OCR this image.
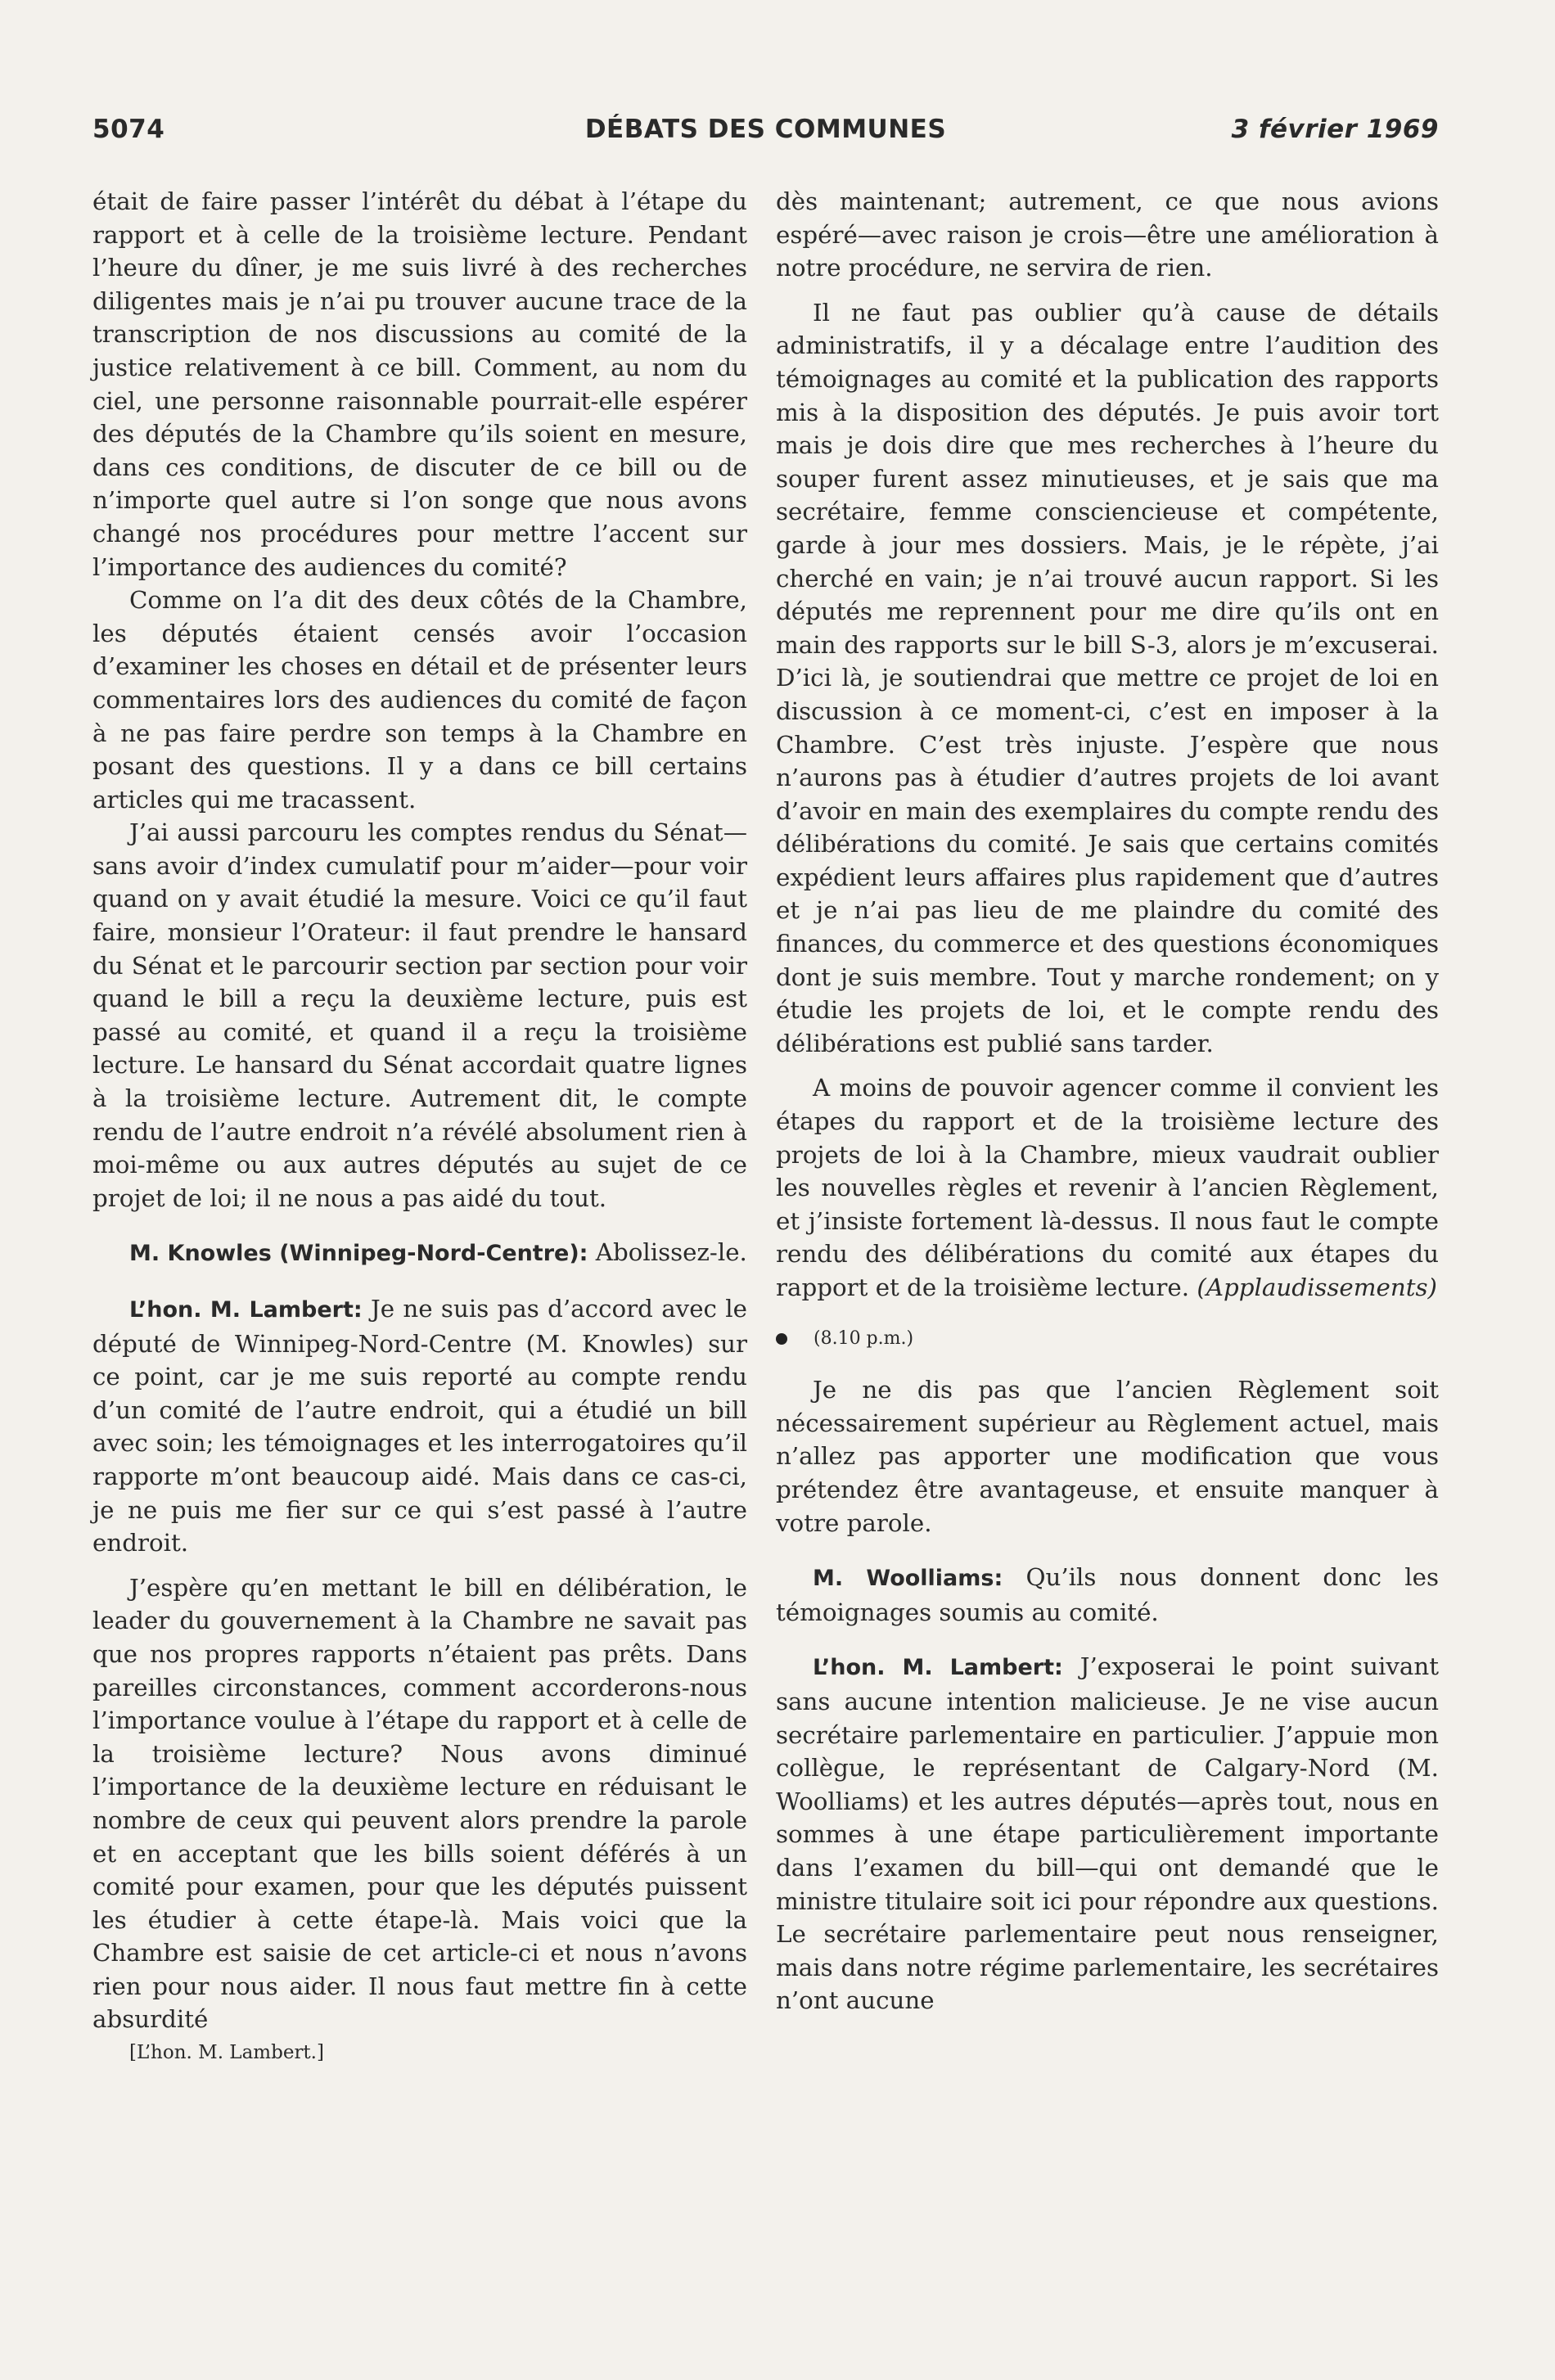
5074	DÉBATS DES COMMUNES	3 février 1969

était de faire passer l’intérêt du débat à l’étape du rapport et à celle de la troisième lecture. Pendant l’heure du dîner, je me suis livré à des recherches diligentes mais je n’ai pu trouver aucune trace de la transcription de nos discussions au comité de la justice relativement à ce bill. Comment, au nom du ciel, une personne raisonnable pourrait-elle espérer des députés de la Chambre qu’ils soient en mesure, dans ces conditions, de discuter de ce bill ou de n’importe quel autre si l’on songe que nous avons changé nos procédures pour mettre l’accent sur l’importance des audiences du comité?

Comme on l’a dit des deux côtés de la Chambre, les députés étaient censés avoir l’occasion d’examiner les choses en détail et de présenter leurs commentaires lors des audiences du comité de façon à ne pas faire perdre son temps à la Chambre en posant des questions. Il y a dans ce bill certains articles qui me tracassent.

J’ai aussi parcouru les comptes rendus du Sénat—sans avoir d’index cumulatif pour m’aider—pour voir quand on y avait étudié la mesure. Voici ce qu’il faut faire, monsieur l’Orateur: il faut prendre le hansard du Sénat et le parcourir section par section pour voir quand le bill a reçu la deuxième lecture, puis est passé au comité, et quand il a reçu la troisième lecture. Le hansard du Sénat accordait quatre lignes à la troisième lecture. Autrement dit, le compte rendu de l’autre endroit n’a révélé absolument rien à moi-même ou aux autres députés au sujet de ce projet de loi; il ne nous a pas aidé du tout.

M. Knowles (Winnipeg-Nord-Centre): Abolissez-le.

L’hon. M. Lambert: Je ne suis pas d’accord avec le député de Winnipeg-Nord-Centre (M. Knowles) sur ce point, car je me suis reporté au compte rendu d’un comité de l’autre endroit, qui a étudié un bill avec soin; les témoignages et les interrogatoires qu’il rapporte m’ont beaucoup aidé. Mais dans ce cas-ci, je ne puis me fier sur ce qui s’est passé à l’autre endroit.

J’espère qu’en mettant le bill en délibération, le leader du gouvernement à la Chambre ne savait pas que nos propres rapports n’étaient pas prêts. Dans pareilles circonstances, comment accorderons-nous l’importance voulue à l’étape du rapport et à celle de la troisième lecture? Nous avons diminué l’importance de la deuxième lecture en réduisant le nombre de ceux qui peuvent alors prendre la parole et en acceptant que les bills soient déférés à un comité pour examen, pour que les députés puissent les étudier à cette étape-là. Mais voici que la Chambre est saisie de cet article-ci et nous n’avons rien pour nous aider. Il nous faut mettre fin à cette absurdité

[L’hon. M. Lambert.]

dès maintenant; autrement, ce que nous avions espéré—avec raison je crois—être une amélioration à notre procédure, ne servira de rien.

Il ne faut pas oublier qu’à cause de détails administratifs, il y a décalage entre l’audition des témoignages au comité et la publication des rapports mis à la disposition des députés. Je puis avoir tort mais je dois dire que mes recherches à l’heure du souper furent assez minutieuses, et je sais que ma secrétaire, femme consciencieuse et compétente, garde à jour mes dossiers. Mais, je le répète, j’ai cherché en vain; je n’ai trouvé aucun rapport. Si les députés me reprennent pour me dire qu’ils ont en main des rapports sur le bill S-3, alors je m’excuserai. D’ici là, je soutiendrai que mettre ce projet de loi en discussion à ce moment-ci, c’est en imposer à la Chambre. C’est très injuste. J’espère que nous n’aurons pas à étudier d’autres projets de loi avant d’avoir en main des exemplaires du compte rendu des délibérations du comité. Je sais que certains comités expédient leurs affaires plus rapidement que d’autres et je n’ai pas lieu de me plaindre du comité des finances, du commerce et des questions économiques dont je suis membre. Tout y marche rondement; on y étudie les projets de loi, et le compte rendu des délibérations est publié sans tarder.

A moins de pouvoir agencer comme il convient les étapes du rapport et de la troisième lecture des projets de loi à la Chambre, mieux vaudrait oublier les nouvelles règles et revenir à l’ancien Règlement, et j’insiste fortement là-dessus. Il nous faut le compte rendu des délibérations du comité aux étapes du rapport et de la troisième lecture. (Applaudissements)

(8.10 p.m.)

Je ne dis pas que l’ancien Règlement soit nécessairement supérieur au Règlement actuel, mais n’allez pas apporter une modification que vous prétendez être avantageuse, et ensuite manquer à votre parole.

M. Woolliams: Qu’ils nous donnent donc les témoignages soumis au comité.

L’hon. M. Lambert: J’exposerai le point suivant sans aucune intention malicieuse. Je ne vise aucun secrétaire parlementaire en particulier. J’appuie mon collègue, le représentant de Calgary-Nord (M. Woolliams) et les autres députés—après tout, nous en sommes à une étape particulièrement importante dans l’examen du bill—qui ont demandé que le ministre titulaire soit ici pour répondre aux questions. Le secrétaire parlementaire peut nous renseigner, mais dans notre régime parlementaire, les secrétaires n’ont aucune
